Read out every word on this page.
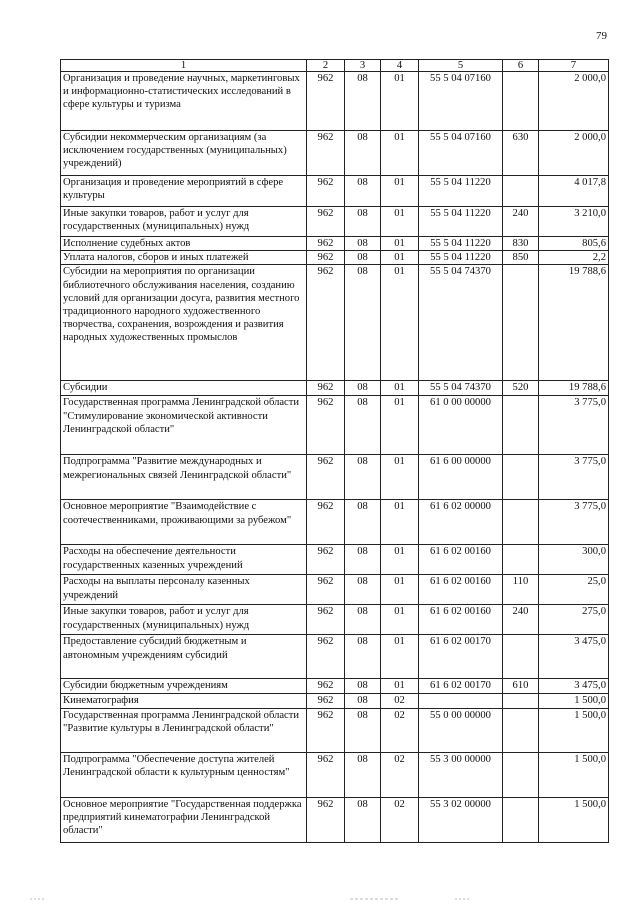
79
1	2	3	4	5	6	7
Организация и проведение научных, маркетинговых и информационно-статистических исследований в сфере культуры и туризма	962	08	01	55 5 04 07160		2 000,0
Субсидии некоммерческим организациям (за исключением государственных (муниципальных) учреждений)	962	08	01	55 5 04 07160	630	2 000,0
Организация и проведение мероприятий в сфере культуры	962	08	01	55 5 04 11220		4 017,8
Иные закупки товаров, работ и услуг для государственных (муниципальных) нужд	962	08	01	55 5 04 11220	240	3 210,0
Исполнение судебных актов	962	08	01	55 5 04 11220	830	805,6
Уплата налогов, сборов и иных платежей	962	08	01	55 5 04 11220	850	2,2
Субсидии на мероприятия по организации библиотечного обслуживания населения, созданию условий для организации досуга, развития местного традиционного народного художественного творчества, сохранения, возрождения и развития народных художественных промыслов	962	08	01	55 5 04 74370		19 788,6
Субсидии	962	08	01	55 5 04 74370	520	19 788,6
Государственная программа Ленинградской области "Стимулирование экономической активности Ленинградской области"	962	08	01	61 0 00 00000		3 775,0
Подпрограмма "Развитие международных и межрегиональных связей Ленинградской области"	962	08	01	61 6 00 00000		3 775,0
Основное мероприятие "Взаимодействие с соотечественниками, проживающими за рубежом"	962	08	01	61 6 02 00000		3 775,0
Расходы на обеспечение деятельности государственных казенных учреждений	962	08	01	61 6 02 00160		300,0
Расходы на выплаты персоналу казенных учреждений	962	08	01	61 6 02 00160	110	25,0
Иные закупки товаров, работ и услуг для государственных (муниципальных) нужд	962	08	01	61 6 02 00160	240	275,0
Предоставление субсидий бюджетным и автономным учреждениям субсидий	962	08	01	61 6 02 00170		3 475,0
Субсидии бюджетным учреждениям	962	08	01	61 6 02 00170	610	3 475,0
Кинематография	962	08	02			1 500,0
Государственная программа Ленинградской области "Развитие культуры в Ленинградской области"	962	08	02	55 0 00 00000		1 500,0
Подпрограмма "Обеспечение доступа жителей Ленинградской области к культурным ценностям"	962	08	02	55 3 00 00000		1 500,0
Основное мероприятие "Государственная поддержка предприятий кинематографии Ленинградской области"	962	08	02	55 3 02 00000		1 500,0
